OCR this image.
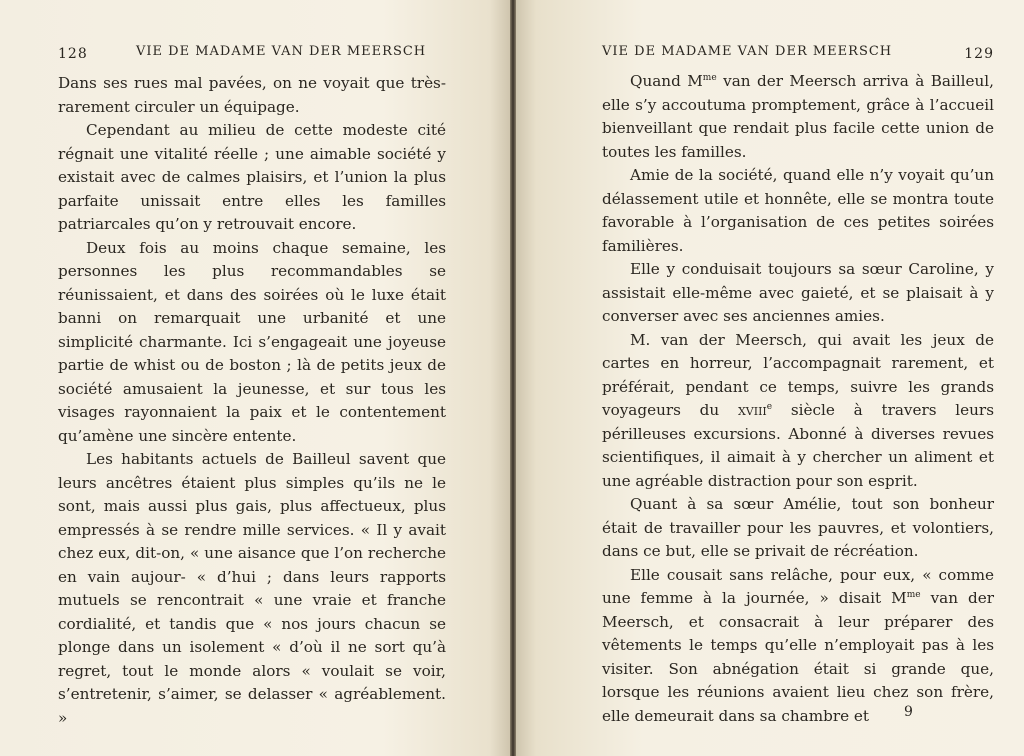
128	VIE DE MADAME VAN DER MEERSCH

Dans ses rues mal pavées, on ne voyait que très-rarement circuler un équipage.

Cependant au milieu de cette modeste cité régnait une vitalité réelle ; une aimable société y existait avec de calmes plaisirs, et l’union la plus parfaite unissait entre elles les familles patriarcales qu’on y retrouvait encore.

Deux fois au moins chaque semaine, les personnes les plus recommandables se réunissaient, et dans des soirées où le luxe était banni on remarquait une urbanité et une simplicité charmante. Ici s’engageait une joyeuse partie de whist ou de boston ; là de petits jeux de société amusaient la jeunesse, et sur tous les visages rayonnaient la paix et le contentement qu’amène une sincère entente.

Les habitants actuels de Bailleul savent que leurs ancêtres étaient plus simples qu’ils ne le sont, mais aussi plus gais, plus affectueux, plus empressés à se rendre mille services. « Il y avait chez eux, dit-on, « une aisance que l’on recherche en vain aujour- « d’hui ; dans leurs rapports mutuels se rencontrait « une vraie et franche cordialité, et tandis que « nos jours chacun se plonge dans un isolement « d’où il ne sort qu’à regret, tout le monde alors « voulait se voir, s’entretenir, s’aimer, se delasser « agréablement. »

VIE DE MADAME VAN DER MEERSCH	129

Quand $M^{me}$ van der Meersch arriva à Bailleul, elle s’y accoutuma promptement, grâce à l’accueil bienveillant que rendait plus facile cette union de toutes les familles.

Amie de la société, quand elle n’y voyait qu’un délassement utile et honnête, elle se montra toute favorable à l’organisation de ces petites soirées familières.

Elle y conduisait toujours sa sœur Caroline, y assistait elle-même avec gaieté, et se plaisait à y converser avec ses anciennes amies.

M. van der Meersch, qui avait les jeux de cartes en horreur, l’accompagnait rarement, et préférait, pendant ce temps, suivre les grands voyageurs du xviii$^e$ siècle à travers leurs périlleuses excursions. Abonné à diverses revues scientifiques, il aimait à y chercher un aliment et une agréable distraction pour son esprit.

Quant à sa sœur Amélie, tout son bonheur était de travailler pour les pauvres, et volontiers, dans ce but, elle se privait de récréation.

Elle cousait sans relâche, pour eux, « comme une femme à la journée, » disait $M^{me}$ van der Meersch, et consacrait à leur préparer des vêtements le temps qu’elle n’employait pas à les visiter. Son abnégation était si grande que, lorsque les réunions avaient lieu chez son frère, elle demeurait dans sa chambre et	9
